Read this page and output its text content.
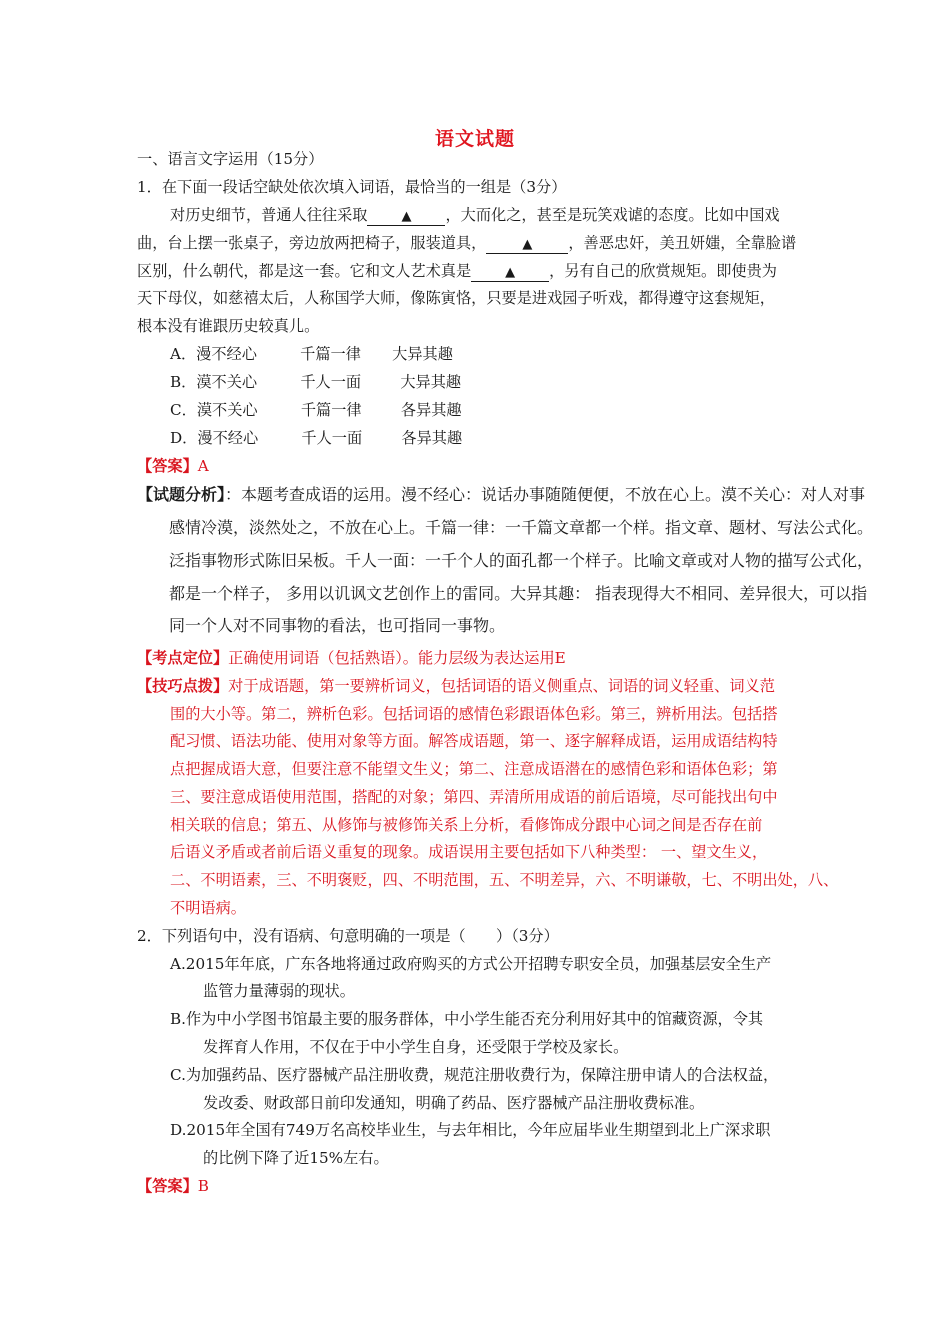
语文试题
一、语言文字运用（15分）
1．在下面一段话空缺处依次填入词语，最恰当的一组是（3分）
对历史细节，普通人往往采取	▲ ，大而化之，甚至是玩笑戏谑的态度。比如中国戏
曲，台上摆一张桌子，旁边放两把椅子，服装道具，	▲ ，善恶忠奸，美丑妍媸，全靠脸谱
区别，什么朝代，都是这一套。它和文人艺术真是	▲ ，另有自己的欣赏规矩。即使贵为
天下母仪，如慈禧太后，人称国学大师，像陈寅恪，只要是进戏园子听戏，都得遵守这套规矩，
根本没有谁跟历史较真儿。
A．漫不经心	千篇一律 大异其趣
B．漠不关心	千人一面	大异其趣
C．漠不关心	千篇一律	各异其趣
D．漫不经心	千人一面	各异其趣
【答案】A
【试题分析】：本题考查成语的运用。漫不经心：说话办事随随便便，不放在心上。漠不关心：对人对事
感情冷漠，淡然处之，不放在心上。千篇一律：一千篇文章都一个样。指文章、题材、写法公式化。
泛指事物形式陈旧呆板。千人一面：一千个人的面孔都一个样子。比喻文章或对人物的描写公式化，
都是一个样子， 多用以讥讽文艺创作上的雷同。大异其趣： 指表现得大不相同、差异很大，可以指
同一个人对不同事物的看法，也可指同一事物。
【考点定位】正确使用词语（包括熟语）。能力层级为表达运用E
【技巧点拨】对于成语题，第一要辨析词义，包括词语的语义侧重点、词语的词义轻重、词义范
围的大小等。第二，辨析色彩。包括词语的感情色彩跟语体色彩。第三，辨析用法。包括搭
配习惯、语法功能、使用对象等方面。解答成语题，第一、逐字解释成语，运用成语结构特
点把握成语大意，但要注意不能望文生义；第二、注意成语潜在的感情色彩和语体色彩；第
三、要注意成语使用范围，搭配的对象；第四、弄清所用成语的前后语境，尽可能找出句中
相关联的信息；第五、从修饰与被修饰关系上分析，看修饰成分跟中心词之间是否存在前
后语义矛盾或者前后语义重复的现象。成语误用主要包括如下八种类型： 一、望文生义，
二、不明语素，三、不明褒贬，四、不明范围，五、不明差异，六、不明谦敬，七、不明出处，八、
不明语病。
2．下列语句中，没有语病、句意明确的一项是（　　）（3分）
A.2015年年底，广东各地将通过政府购买的方式公开招聘专职安全员，加强基层安全生产
监管力量薄弱的现状。
B.作为中小学图书馆最主要的服务群体，中小学生能否充分利用好其中的馆藏资源，令其
发挥育人作用，不仅在于中小学生自身，还受限于学校及家长。
C.为加强药品、医疗器械产品注册收费，规范注册收费行为，保障注册申请人的合法权益，
发改委、财政部日前印发通知，明确了药品、医疗器械产品注册收费标准。
D.2015年全国有749万名高校毕业生，与去年相比，今年应届毕业生期望到北上广深求职
的比例下降了近15%左右。
【答案】B
